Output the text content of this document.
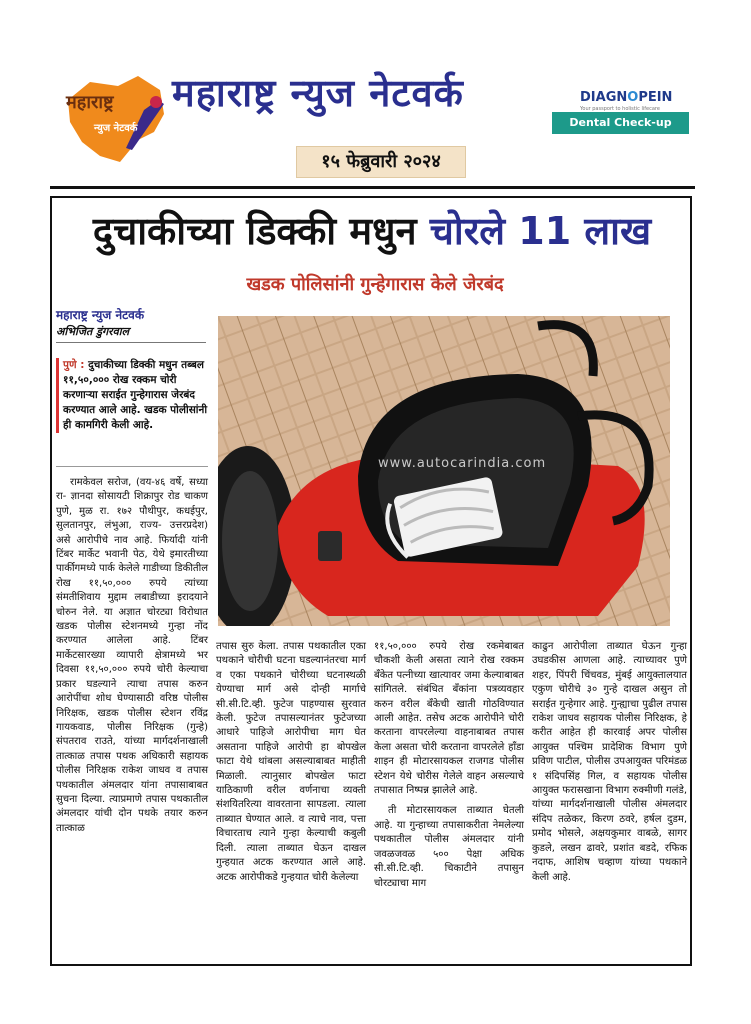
महाराष्ट्र
न्युज नेटवर्क
महाराष्ट्र न्युज नेटवर्क
१५ फेब्रुवारी २०२४
DIAGNOPEIN
Your passport to holistic lifecare
Dental Check-up ₹50/-
दुचाकीच्या डिक्की मधुन चोरले 11 लाख
खडक पोलिसांनी गुन्हेगारास केले जेरबंद
महाराष्ट्र न्युज नेटवर्क
अभिजित डुंगरवाल
पुणे : दुचाकीच्या डिक्की मधुन तब्बल ११,५०,००० रोख रक्कम चोरी करणाऱ्या सराईत गुन्हेगारास जेरबंद करण्यात आले आहे. खडक पोलीसांनी ही कामगिरी केली आहे.

रामकेवल सरोज, (वय-४६ वर्षे, सध्या रा- ज्ञानदा सोसायटी शिक्रापुर रोड चाकण पुणे, मुळ रा. १७२ पौथीपुर, कधईपुर, सुलतानपुर, लंभुआ, राज्य- उत्तरप्रदेश) असे आरोपीचे नाव आहे. फिर्यादी यांनी टिंबर मार्केट भवानी पेठ, येथे इमारतीच्या पार्कीगमध्ये पार्क केलेले गाडीच्या डिकीतील रोख ११,५०,००० रुपये त्यांच्या संमतीशिवाय मुद्दाम लबाडीच्या इरादयाने चोरुन नेले. या अज्ञात चोरट्या विरोधात खडक पोलीस स्टेशनमध्ये गुन्हा नोंद करण्यात आलेला आहे. टिंबर मार्केटसारख्या व्यापारी क्षेत्रामध्ये भर दिवसा ११,५०,००० रुपये चोरी केल्याचा प्रकार घडल्याने त्याचा तपास करुन आरोपींचा शोध घेण्यासाठी वरिष्ठ पोलीस निरिक्षक, खडक पोलीस स्टेशन रविंद्र गायकवाड, पोलीस निरिक्षक (गुन्हे) संपतराव राउते, यांच्या मार्गदर्शनाखाली तात्काळ तपास पथक अधिकारी सहायक पोलीस निरिक्षक राकेश जाधव व तपास पथकातील अंमलदार यांना तपासाबाबत सुचना दिल्या. त्याप्रमाणे तपास पथकातील अंमलदार यांची दोन पथके तयार करुन तात्काळ

तपास सुरु केला. तपास पथकातील एका पथकाने चोरीची घटना घडल्यानंतरचा मार्ग व एका पथकाने चोरीच्या घटनास्थळी येण्याचा मार्ग असे दोन्ही मार्गाचे सी.सी.टि.व्ही. फुटेज पाहण्यास सुरवात केली. फुटेज तपासल्यानंतर फुटेजच्या आधारे पाहिजे आरोपीचा माग घेत असताना पाहिजे आरोपी हा बोपखेल फाटा येथे थांबला असल्याबाबत माहीती मिळाली. त्यानुसार बोपखेल फाटा याठिकाणी वरील वर्णनाचा व्यक्ती संशयितरित्या वावरताना सापडला. त्याला ताब्यात घेण्यात आले. व त्याचे नाव, पत्ता विचारताच त्याने गुन्हा केल्याची कबुली दिली. त्याला ताब्यात घेऊन दाखल गुन्हयात अटक करण्यात आले आहे. अटक आरोपीकडे गुन्हयात चोरी केलेल्या

११,५०,००० रुपये रोख रकमेबाबत चौकशी केली असता त्याने रोख रक्कम बँकेत पत्नीच्या खात्यावर जमा केल्याबाबत सांगितले. संबंधित बँकांना पत्रव्यवहार करुन वरील बँकेची खाती गोठविण्यात आली आहेत. तसेच अटक आरोपीने चोरी करताना वापरलेल्या वाहनाबाबत तपास केला असता चोरी करताना वापरलेले हॉंडा शाइन ही मोटारसायकल राजगड पोलीस स्टेशन येथे चोरीस गेलेले वाहन असल्याचे तपासात निष्पन्न झालेले आहे.

ती मोटारसायकल ताब्यात घेतली आहे. या गुन्हाच्या तपासाकरीता नेमलेल्या पथकातील पोलीस अंमलदार यांनी जवळजवळ ५०० पेक्षा अधिक सी.सी.टि.व्ही. चिकाटीने तपासुन चोरट्याचा माग

काढुन आरोपीला ताब्यात घेऊन गुन्हा उघडकीस आणला आहे. त्याच्यावर पुणे शहर, पिंपरी चिंचवड, मुंबई आयुक्तालयात एकुण चोरीचे ३० गुन्हे दाखल असुन तो सराईत गुन्हेगार आहे. गुन्ह्याचा पुढील तपास राकेश जाधव सहायक पोलीस निरिक्षक, हे करीत आहेत ही कारवाई अपर पोलीस आयुक्त पश्चिम प्रादेशिक विभाग पुणे प्रविण पाटील, पोलीस उपआयुक्त परिमंडळ १ संदिपसिंह गिल, व सहायक पोलीस आयुक्त फरासखाना विभाग रुक्मीणी गलंडे, यांच्या मार्गदर्शनाखाली पोलीस अंमलदार संदिप तळेकर, किरण ठवरे, हर्षल दुडम, प्रमोद भोसले, अक्षयकुमार वाबळे, सागर कुडले, लखन ढावरे, प्रशांत बडदे, रफिक नदाफ, आशिष चव्हाण यांच्या पथकाने केली आहे.

www.autocarindia.com
